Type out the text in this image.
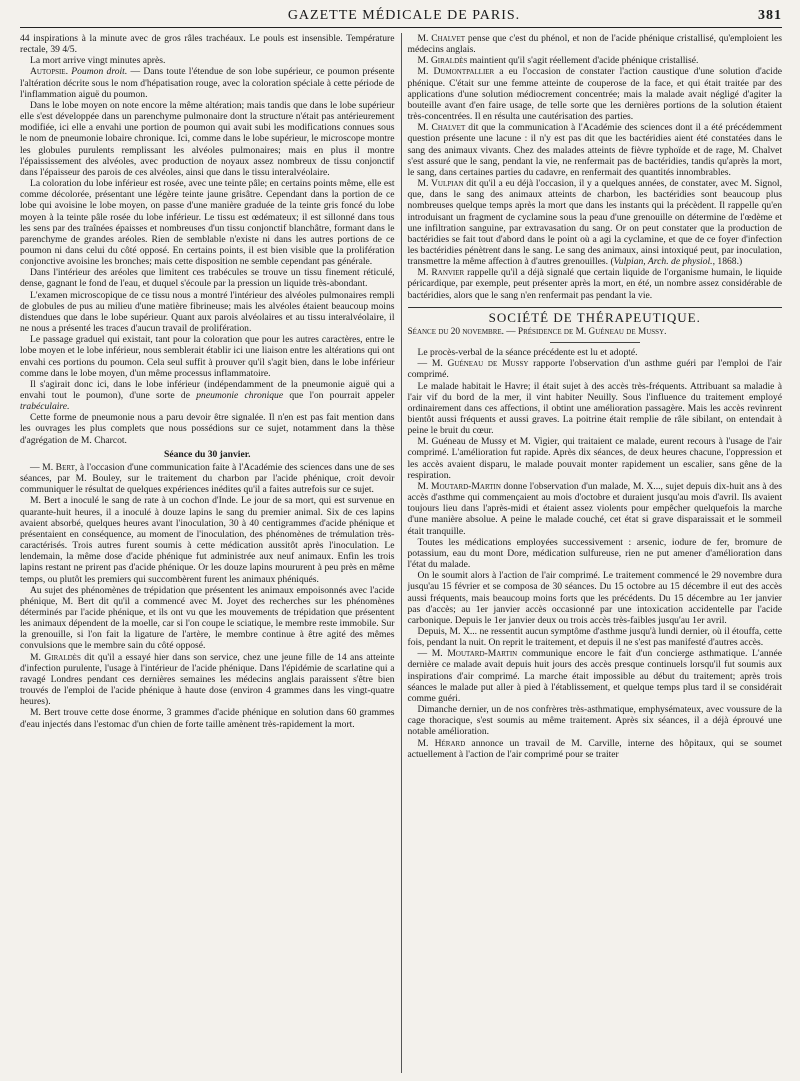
GAZETTE MÉDICALE DE PARIS.	381

44 inspirations à la minute avec de gros râles trachéaux. Le pouls est insensible. Température rectale, 39 4/5.

La mort arrive vingt minutes après.

Autopsie. Poumon droit. — Dans toute l'étendue de son lobe supérieur, ce poumon présente l'altération décrite sous le nom d'hépatisation rouge, avec la coloration spéciale à cette période de l'inflammation aiguë du poumon.

Dans le lobe moyen on note encore la même altération; mais tandis que dans le lobe supérieur elle s'est développée dans un parenchyme pulmonaire dont la structure n'était pas antérieurement modifiée, ici elle a envahi une portion de poumon qui avait subi les modifications connues sous le nom de pneumonie lobaire chronique. Ici, comme dans le lobe supérieur, le microscope montre les globules purulents remplissant les alvéoles pulmonaires; mais en plus il montre l'épaississement des alvéoles, avec production de noyaux assez nombreux de tissu conjonctif dans l'épaisseur des parois de ces alvéoles, ainsi que dans le tissu interalvéolaire.

La coloration du lobe inférieur est rosée, avec une teinte pâle; en certains points même, elle est comme décolorée, présentant une légère teinte jaune grisâtre. Cependant dans la portion de ce lobe qui avoisine le lobe moyen, on passe d'une manière graduée de la teinte gris foncé du lobe moyen à la teinte pâle rosée du lobe inférieur. Le tissu est œdémateux; il est sillonné dans tous les sens par des traînées épaisses et nombreuses d'un tissu conjonctif blanchâtre, formant dans le parenchyme de grandes aréoles. Rien de semblable n'existe ni dans les autres portions de ce poumon ni dans celui du côté opposé. En certains points, il est bien visible que la prolifération conjonctive avoisine les bronches; mais cette disposition ne semble cependant pas générale.

Dans l'intérieur des aréoles que limitent ces trabécules se trouve un tissu finement réticulé, dense, gagnant le fond de l'eau, et duquel s'écoule par la pression un liquide très-abondant.

L'examen microscopique de ce tissu nous a montré l'intérieur des alvéoles pulmonaires rempli de globules de pus au milieu d'une matière fibrineuse; mais les alvéoles étaient beaucoup moins distendues que dans le lobe supérieur. Quant aux parois alvéolaires et au tissu interalvéolaire, il ne nous a présenté les traces d'aucun travail de prolifération.

Le passage graduel qui existait, tant pour la coloration que pour les autres caractères, entre le lobe moyen et le lobe inférieur, nous semblerait établir ici une liaison entre les altérations qui ont envahi ces portions du poumon. Cela seul suffit à prouver qu'il s'agit bien, dans le lobe inférieur comme dans le lobe moyen, d'un même processus inflammatoire.

Il s'agirait donc ici, dans le lobe inférieur (indépendamment de la pneumonie aiguë qui a envahi tout le poumon), d'une sorte de pneumonie chronique que l'on pourrait appeler trabéculaire.

Cette forme de pneumonie nous a paru devoir être signalée. Il n'en est pas fait mention dans les ouvrages les plus complets que nous possédions sur ce sujet, notamment dans la thèse d'agrégation de M. Charcot.

Séance du 30 janvier.

— M. Bert, à l'occasion d'une communication faite à l'Académie des sciences dans une de ses séances, par M. Bouley, sur le traitement du charbon par l'acide phénique, croit devoir communiquer le résultat de quelques expériences inédites qu'il a faites autrefois sur ce sujet.

M. Bert a inoculé le sang de rate à un cochon d'Inde. Le jour de sa mort, qui est survenue en quarante-huit heures, il a inoculé à douze lapins le sang du premier animal. Six de ces lapins avaient absorbé, quelques heures avant l'inoculation, 30 à 40 centigrammes d'acide phénique et présentaient en conséquence, au moment de l'inoculation, des phénomènes de trémulation très-caractérisés. Trois autres furent soumis à cette médication aussitôt après l'inoculation. Le lendemain, la même dose d'acide phénique fut administrée aux neuf animaux. Enfin les trois lapins restant ne prirent pas d'acide phénique. Or les douze lapins moururent à peu près en même temps, ou plutôt les premiers qui succombèrent furent les animaux phéniqués.

Au sujet des phénomènes de trépidation que présentent les animaux empoisonnés avec l'acide phénique, M. Bert dit qu'il a commencé avec M. Joyet des recherches sur les phénomènes déterminés par l'acide phénique, et ils ont vu que les mouvements de trépidation que présentent les animaux dépendent de la moelle, car si l'on coupe le sciatique, le membre reste immobile. Sur la grenouille, si l'on fait la ligature de l'artère, le membre continue à être agité des mêmes convulsions que le membre sain du côté opposé.

M. Giraldès dit qu'il a essayé hier dans son service, chez une jeune fille de 14 ans atteinte d'infection purulente, l'usage à l'intérieur de l'acide phénique. Dans l'épidémie de scarlatine qui a ravagé Londres pendant ces dernières semaines les médecins anglais paraissent s'être bien trouvés de l'emploi de l'acide phénique à haute dose (environ 4 grammes dans les vingt-quatre heures).

M. Bert trouve cette dose énorme, 3 grammes d'acide phénique en solution dans 60 grammes d'eau injectés dans l'estomac d'un chien de forte taille amènent très-rapidement la mort.

M. Chalvet pense que c'est du phénol, et non de l'acide phénique cristallisé, qu'emploient les médecins anglais.

M. Giraldès maintient qu'il s'agit réellement d'acide phénique cristallisé.

M. Dumontpallier a eu l'occasion de constater l'action caustique d'une solution d'acide phénique. C'était sur une femme atteinte de couperose de la face, et qui était traitée par des applications d'une solution médiocrement concentrée; mais la malade avait négligé d'agiter la bouteille avant d'en faire usage, de telle sorte que les dernières portions de la solution étaient très-concentrées. Il en résulta une cautérisation des parties.

M. Chalvet dit que la communication à l'Académie des sciences dont il a été précédemment question présente une lacune : il n'y est pas dit que les bactéridies aient été constatées dans le sang des animaux vivants. Chez des malades atteints de fièvre typhoïde et de rage, M. Chalvet s'est assuré que le sang, pendant la vie, ne renfermait pas de bactéridies, tandis qu'après la mort, le sang, dans certaines parties du cadavre, en renfermait des quantités innombrables.

M. Vulpian dit qu'il a eu déjà l'occasion, il y a quelques années, de constater, avec M. Signol, que, dans le sang des animaux atteints de charbon, les bactéridies sont beaucoup plus nombreuses quelque temps après la mort que dans les instants qui la précèdent. Il rappelle qu'en introduisant un fragment de cyclamine sous la peau d'une grenouille on détermine de l'œdème et une infiltration sanguine, par extravasation du sang. Or on peut constater que la production de bactéridies se fait tout d'abord dans le point où a agi la cyclamine, et que de ce foyer d'infection les bactéridies pénètrent dans le sang. Le sang des animaux, ainsi intoxiqué peut, par inoculation, transmettre la même affection à d'autres grenouilles. (Vulpian, Arch. de physiol., 1868.)

M. Ranvier rappelle qu'il a déjà signalé que certain liquide de l'organisme humain, le liquide péricardique, par exemple, peut présenter après la mort, en été, un nombre assez considérable de bactéridies, alors que le sang n'en renfermait pas pendant la vie.

SOCIÉTÉ DE THÉRAPEUTIQUE.

Séance du 20 novembre. — Présidence de M. Guéneau de Mussy.

Le procès-verbal de la séance précédente est lu et adopté.

— M. Guéneau de Mussy rapporte l'observation d'un asthme guéri par l'emploi de l'air comprimé.

Le malade habitait le Havre; il était sujet à des accès très-fréquents. Attribuant sa maladie à l'air vif du bord de la mer, il vint habiter Neuilly. Sous l'influence du traitement employé ordinairement dans ces affections, il obtint une amélioration passagère. Mais les accès revinrent bientôt aussi fréquents et aussi graves. La poitrine était remplie de râle sibilant, on entendait à peine le bruit du cœur.

M. Guéneau de Mussy et M. Vigier, qui traitaient ce malade, eurent recours à l'usage de l'air comprimé. L'amélioration fut rapide. Après dix séances, de deux heures chacune, l'oppression et les accès avaient disparu, le malade pouvait monter rapidement un escalier, sans gêne de la respiration.

M. Moutard-Martin donne l'observation d'un malade, M. X..., sujet depuis dix-huit ans à des accès d'asthme qui commençaient au mois d'octobre et duraient jusqu'au mois d'avril. Ils avaient toujours lieu dans l'après-midi et étaient assez violents pour empêcher quelquefois la marche d'une manière absolue. A peine le malade couché, cet état si grave disparaissait et le sommeil était tranquille.

Toutes les médications employées successivement : arsenic, iodure de fer, bromure de potassium, eau du mont Dore, médication sulfureuse, rien ne put amener d'amélioration dans l'état du malade.

On le soumit alors à l'action de l'air comprimé. Le traitement commencé le 29 novembre dura jusqu'au 15 février et se composa de 30 séances. Du 15 octobre au 15 décembre il eut des accès aussi fréquents, mais beaucoup moins forts que les précédents. Du 15 décembre au 1er janvier pas d'accès; au 1er janvier accès occasionné par une intoxication accidentelle par l'acide carbonique. Depuis le 1er janvier deux ou trois accès très-faibles jusqu'au 1er avril.

Depuis, M. X... ne ressentit aucun symptôme d'asthme jusqu'à lundi dernier, où il étouffa, cette fois, pendant la nuit. On reprit le traitement, et depuis il ne s'est pas manifesté d'autres accès.

— M. Moutard-Martin communique encore le fait d'un concierge asthmatique. L'année dernière ce malade avait depuis huit jours des accès presque continuels lorsqu'il fut soumis aux inspirations d'air comprimé. La marche était impossible au début du traitement; après trois séances le malade put aller à pied à l'établissement, et quelque temps plus tard il se considérait comme guéri.

Dimanche dernier, un de nos confrères très-asthmatique, emphysémateux, avec voussure de la cage thoracique, s'est soumis au même traitement. Après six séances, il a déjà éprouvé une notable amélioration.

M. Hérard annonce un travail de M. Carville, interne des hôpitaux, qui se soumet actuellement à l'action de l'air comprimé pour se traiter
